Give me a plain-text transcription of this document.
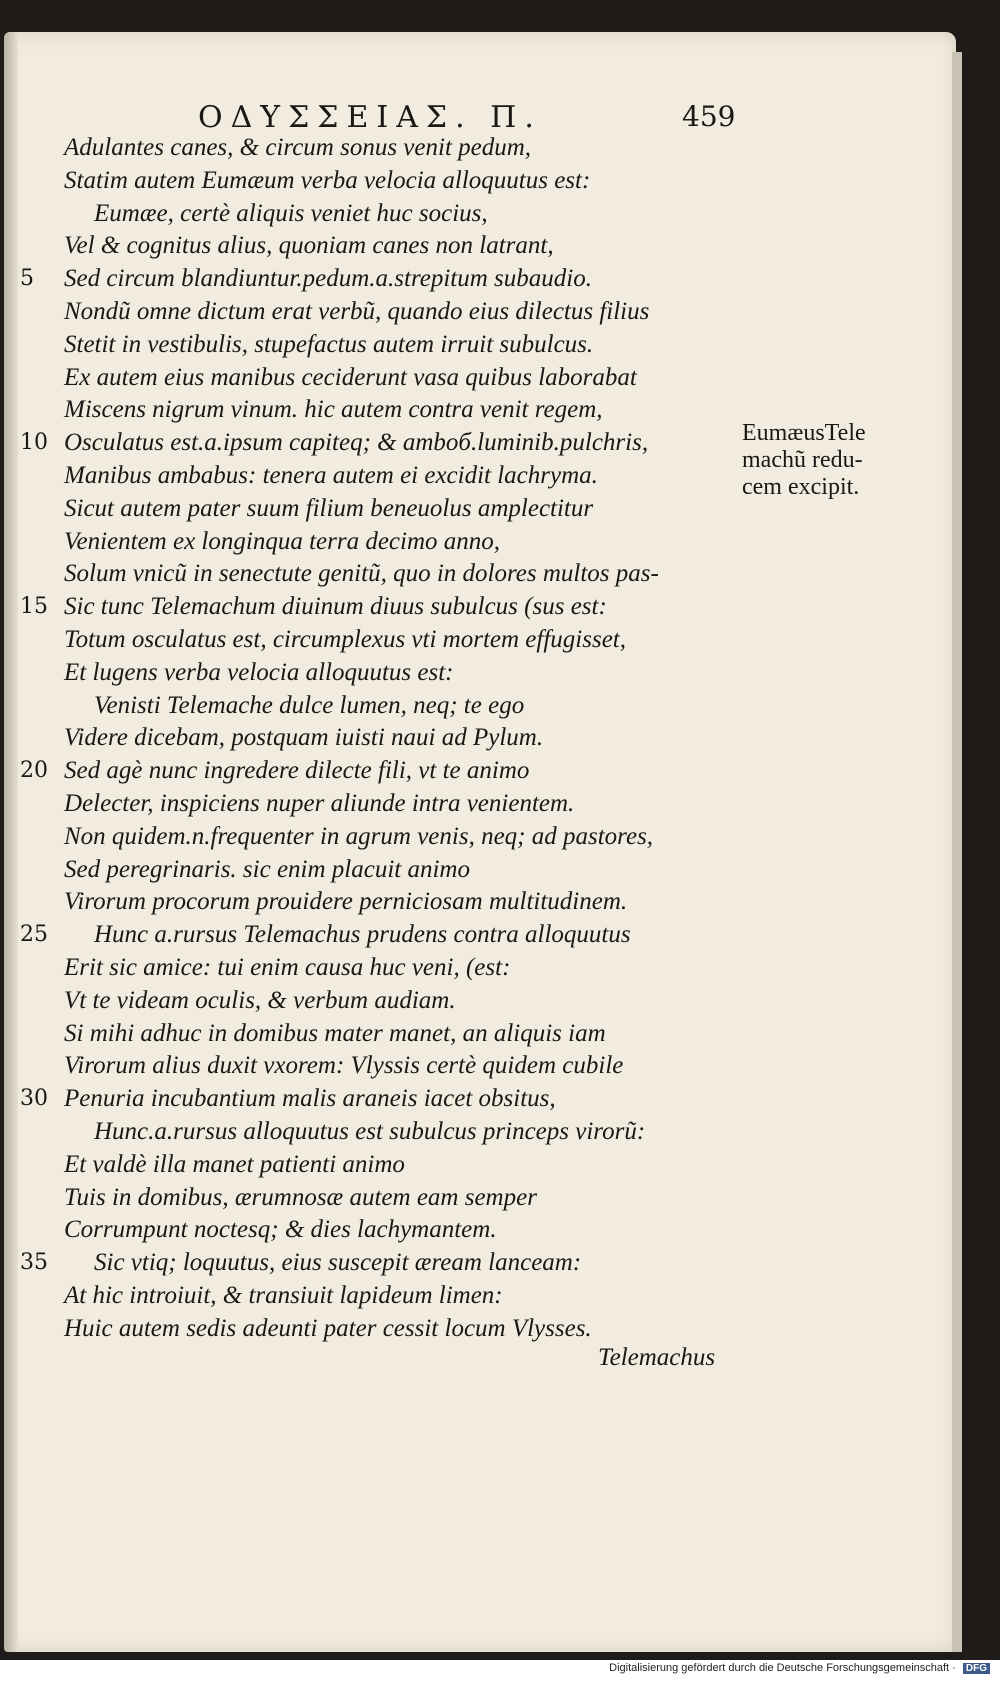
ΟΔΥΣΣΕΙΑΣ. Π.	459
Adulantes canes, & circum sonus venit pedum,
Statim autem Eumæum verba velocia alloquutus est:
Eumæe, certè aliquis veniet huc socius,
Vel & cognitus alius, quoniam canes non latrant,
5	Sed circum blandiuntur.pedum.a.strepitum subaudio.
Nondũ omne dictum erat verbũ, quando eius dilectus filius
Stetit in vestibulis, stupefactus autem irruit subulcus.
Ex autem eius manibus ceciderunt vasa quibus laborabat
Miscens nigrum vinum. hic autem contra venit regem,
10 Osculatus est.a.ipsum capiteq; & amboб.luminib.pulchris,
Manibus ambabus: tenera autem ei excidit lachryma.
Sicut autem pater suum filium beneuolus amplectitur
Venientem ex longinqua terra decimo anno,
Solum vnicũ in senectute genitũ, quo in dolores multos pas-
15 Sic tunc Telemachum diuinum diuus subulcus (sus est:
Totum osculatus est, circumplexus vti mortem effugisset,
Et lugens verba velocia alloquutus est:
Venisti Telemache dulce lumen, neq; te ego
Videre dicebam, postquam iuisti naui ad Pylum.
20 Sed agè nunc ingredere dilecte fili, vt te animo
Delecter, inspiciens nuper aliunde intra venientem.
Non quidem.n.frequenter in agrum venis, neq; ad pastores,
Sed peregrinaris. sic enim placuit animo
Virorum procorum prouidere perniciosam multitudinem.
25	Hunc a.rursus Telemachus prudens contra alloquutus
Erit sic amice: tui enim causa huc veni, (est:
Vt te videam oculis, & verbum audiam.
Si mihi adhuc in domibus mater manet, an aliquis iam
Virorum alius duxit vxorem: Vlyssis certè quidem cubile
30 Penuria incubantium malis araneis iacet obsitus,
Hunc.a.rursus alloquutus est subulcus princeps virorũ:
Et valdè illa manet patienti animo
Tuis in domibus, ærumnosæ autem eam semper
Corrumpunt noctesq; & dies lachymantem.
35	Sic vtiq; loquutus, eius suscepit æream lanceam:
At hic introiuit, & transiuit lapideum limen:
Huic autem sedis adeunti pater cessit locum Vlysses.
Telemachus
EumæusTele
machũ redu-
cem excipit.
Digitalisierung gefördert durch die Deutsche Forschungsgemeinschaft · DFG
